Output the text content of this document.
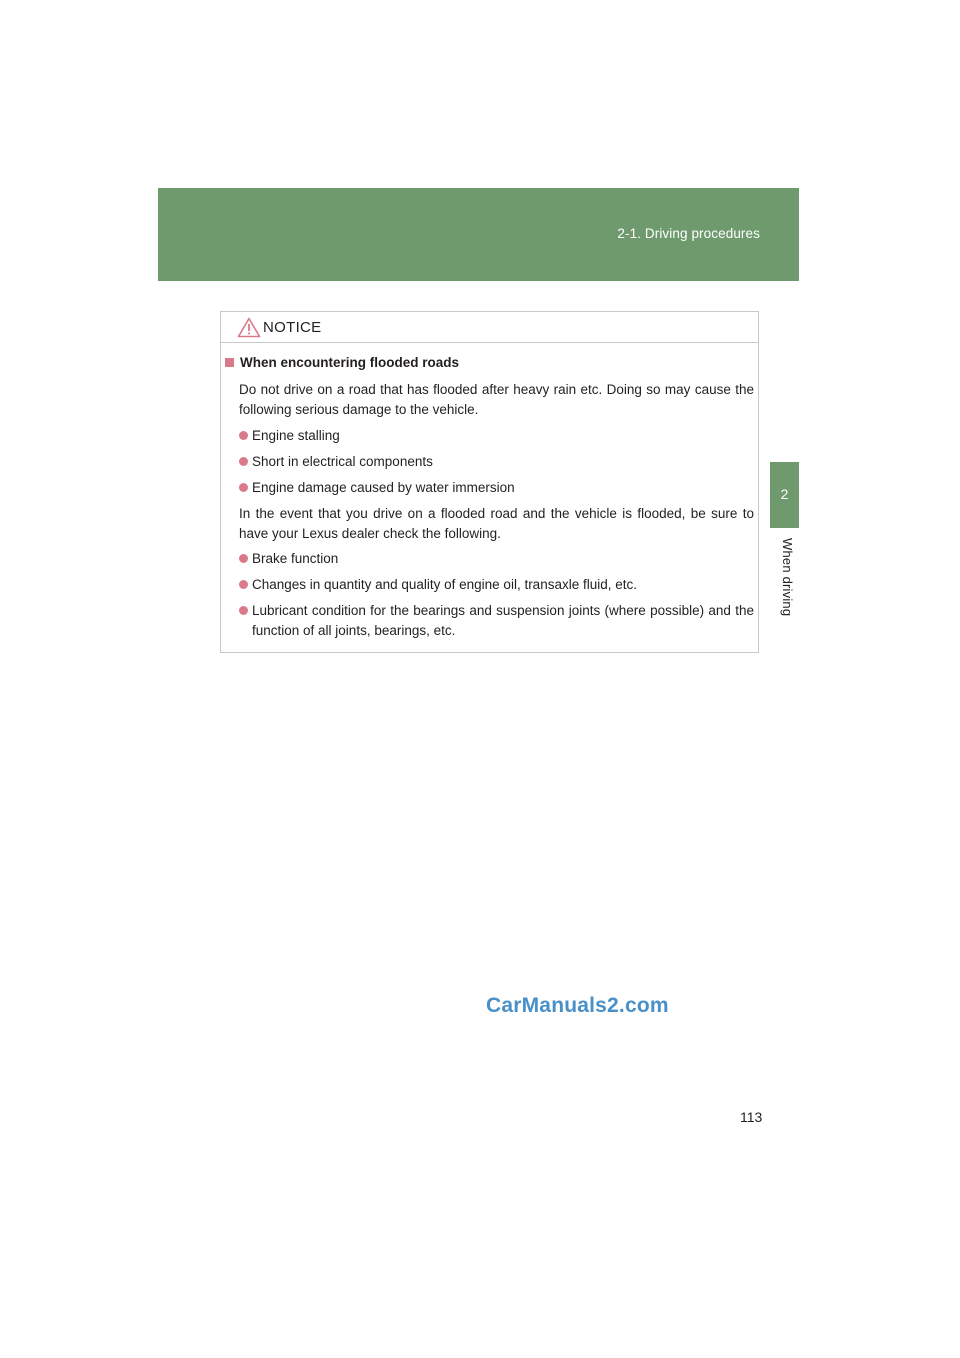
2-1. Driving procedures
2
When driving
NOTICE
When encountering flooded roads
Do not drive on a road that has flooded after heavy rain etc. Doing so may cause the following serious damage to the vehicle.
Engine stalling
Short in electrical components
Engine damage caused by water immersion
In the event that you drive on a flooded road and the vehicle is flooded, be sure to have your Lexus dealer check the following.
Brake function
Changes in quantity and quality of engine oil, transaxle fluid, etc.
Lubricant condition for the bearings and suspension joints (where possible) and the function of all joints, bearings, etc.
CarManuals2.com
113
